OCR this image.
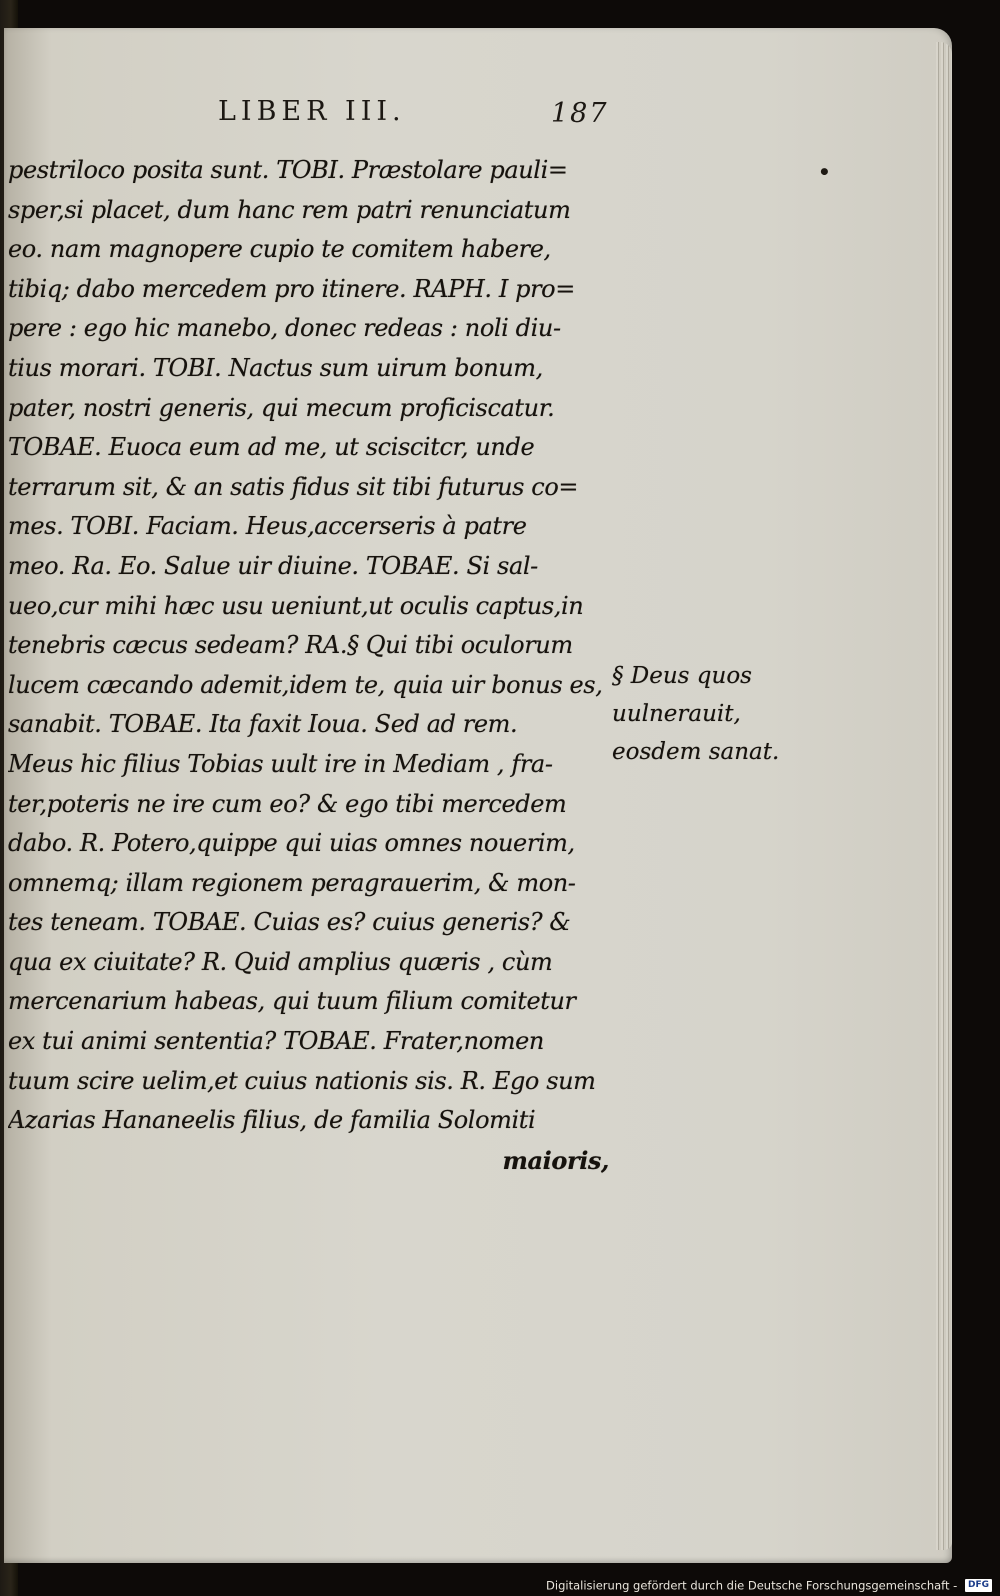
LIBER III.	187
•
pestriloco posita sunt. TOBI. Præstolare pauli=
sper,si placet, dum hanc rem patri renunciatum
eo. nam magnopere cupio te comitem habere,
tibiq; dabo mercedem pro itinere. RAPH. I pro=
pere : ego hic manebo, donec redeas : noli diu-
tius morari. TOBI. Nactus sum uirum bonum,
pater, nostri generis, qui mecum proficiscatur.
TOBAE. Euoca eum ad me, ut sciscitcr, unde
terrarum sit, & an satis fidus sit tibi futurus co=
mes. TOBI. Faciam. Heus,accerseris à patre
meo. Ra. Eo. Salue uir diuine. TOBAE. Si sal-
ueo,cur mihi hæc usu ueniunt,ut oculis captus,in
tenebris cæcus sedeam? RA.§ Qui tibi oculorum
lucem cæcando ademit,idem te, quia uir bonus es,
sanabit. TOBAE. Ita faxit Ioua. Sed ad rem.
Meus hic filius Tobias uult ire in Mediam , fra-
ter,poteris ne ire cum eo? & ego tibi mercedem
dabo. R. Potero,quippe qui uias omnes nouerim,
omnemq; illam regionem peragrauerim, & mon-
tes teneam. TOBAE. Cuias es? cuius generis? &
qua ex ciuitate? R. Quid amplius quæris , cùm
mercenarium habeas, qui tuum filium comitetur
ex tui animi sententia? TOBAE. Frater,nomen
tuum scire uelim,et cuius nationis sis. R. Ego sum
Azarias Hananeelis filius, de familia Solomiti
maioris,
§ Deus quos
uulnerauit,
eosdem sanat.
Digitalisierung gefördert durch die Deutsche Forschungsgemeinschaft - DFG
